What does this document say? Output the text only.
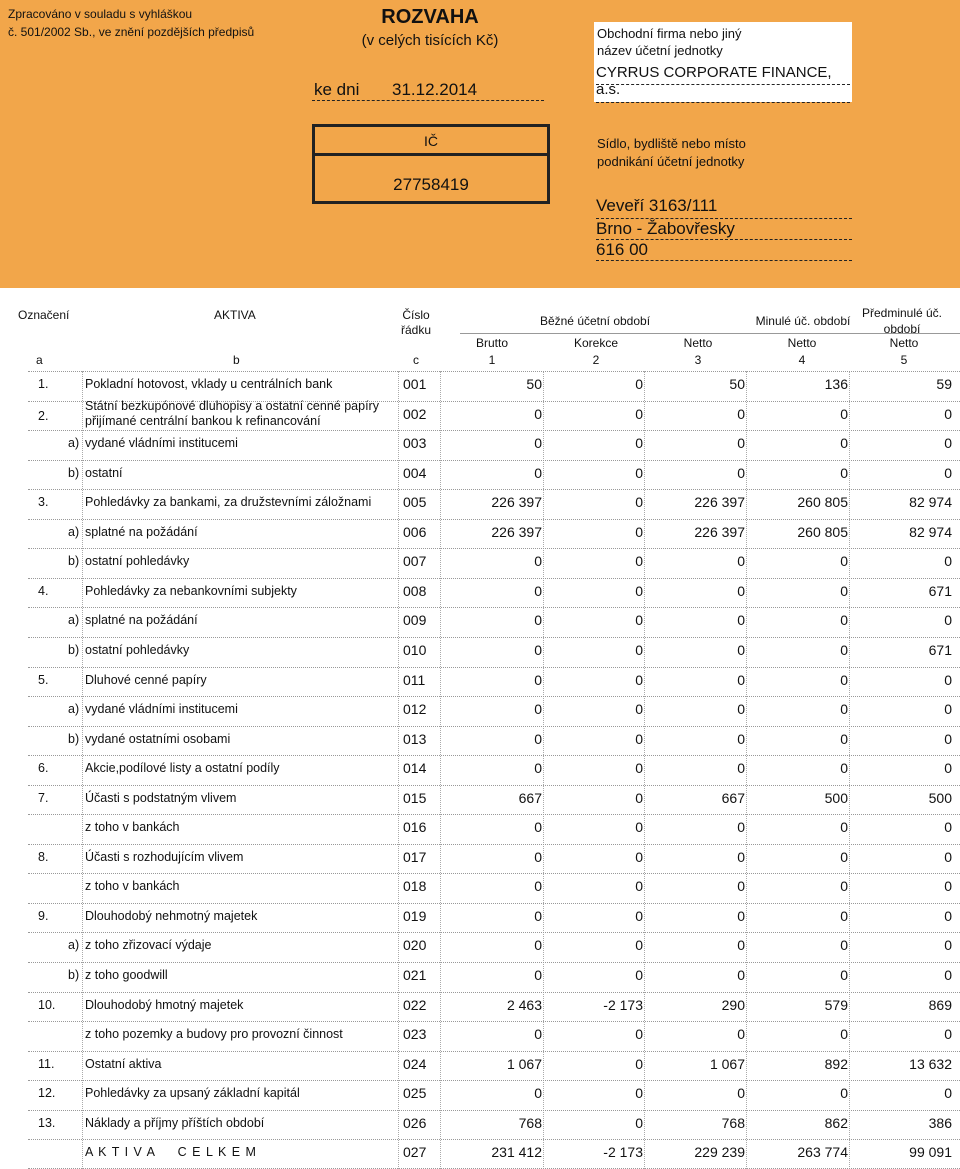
Zpracováno v souladu s vyhláškou
č. 501/2002 Sb., ve znění pozdějších předpisů
ROZVAHA
(v celých tisících Kč)
ke dni 31.12.2014
Obchodní firma nebo jiný
název účetní jednotky
CYRRUS CORPORATE FINANCE, a.s.
IČ
27758419
Sídlo, bydliště nebo místo
podnikání účetní jednotky
Veveří 3163/111
Brno - Žabovřesky
616 00
Označení	AKTIVA	Číslo
řádku
Běžné účetní období	Minulé úč. období
Předminulé úč.
období
Brutto	Korekce	Netto	Netto	Netto
a	b	c	1	2	3	4	5
1.	Pokladní hotovost, vklady u centrálních bank	001	50	0	50	136	59
2.
Státní bezkupónové dluhopisy a ostatní cenné papíry
přijímané centrální bankou k refinancování	002	0	0	0	0	0
a) vydané vládními institucemi	003	0	0	0	0	0
b) ostatní	004	0	0	0	0	0
3.	Pohledávky za bankami, za družstevními záložnami 005	226 397	0	226 397	260 805	82 974
a) splatné na požádání	006	226 397	0	226 397	260 805	82 974
b) ostatní pohledávky	007	0	0	0	0	0
4.	Pohledávky za nebankovními subjekty	008	0	0	0	0	671
a) splatné na požádání	009	0	0	0	0	0
b) ostatní pohledávky	010	0	0	0	0	671
5.	Dluhové cenné papíry	011	0	0	0	0	0
a) vydané vládními institucemi	012	0	0	0	0	0
b) vydané ostatními osobami	013	0	0	0	0	0
6.	Akcie,podílové listy a ostatní podíly	014	0	0	0	0	0
7.	Účasti s podstatným vlivem	015	667	0	667	500	500
z toho v bankách	016	0	0	0	0	0
8.	Účasti s rozhodujícím vlivem	017	0	0	0	0	0
z toho v bankách	018	0	0	0	0	0
9.	Dlouhodobý nehmotný majetek	019	0	0	0	0	0
a) z toho zřizovací výdaje	020	0	0	0	0	0
b) z toho goodwill	021	0	0	0	0	0
10. Dlouhodobý hmotný majetek	022	2 463	-2 173	290	579	869
z toho pozemky a budovy pro provozní činnost	023	0	0	0	0	0
11. Ostatní aktiva	024	1 067	0	1 067	892	13 632
12. Pohledávky za upsaný základní kapitál	025	0	0	0	0	0
13. Náklady a příjmy příštích období	026	768	0	768	862	386
A K T I V A     C E L K E M	027	231 412	-2 173	229 239	263 774	99 091
